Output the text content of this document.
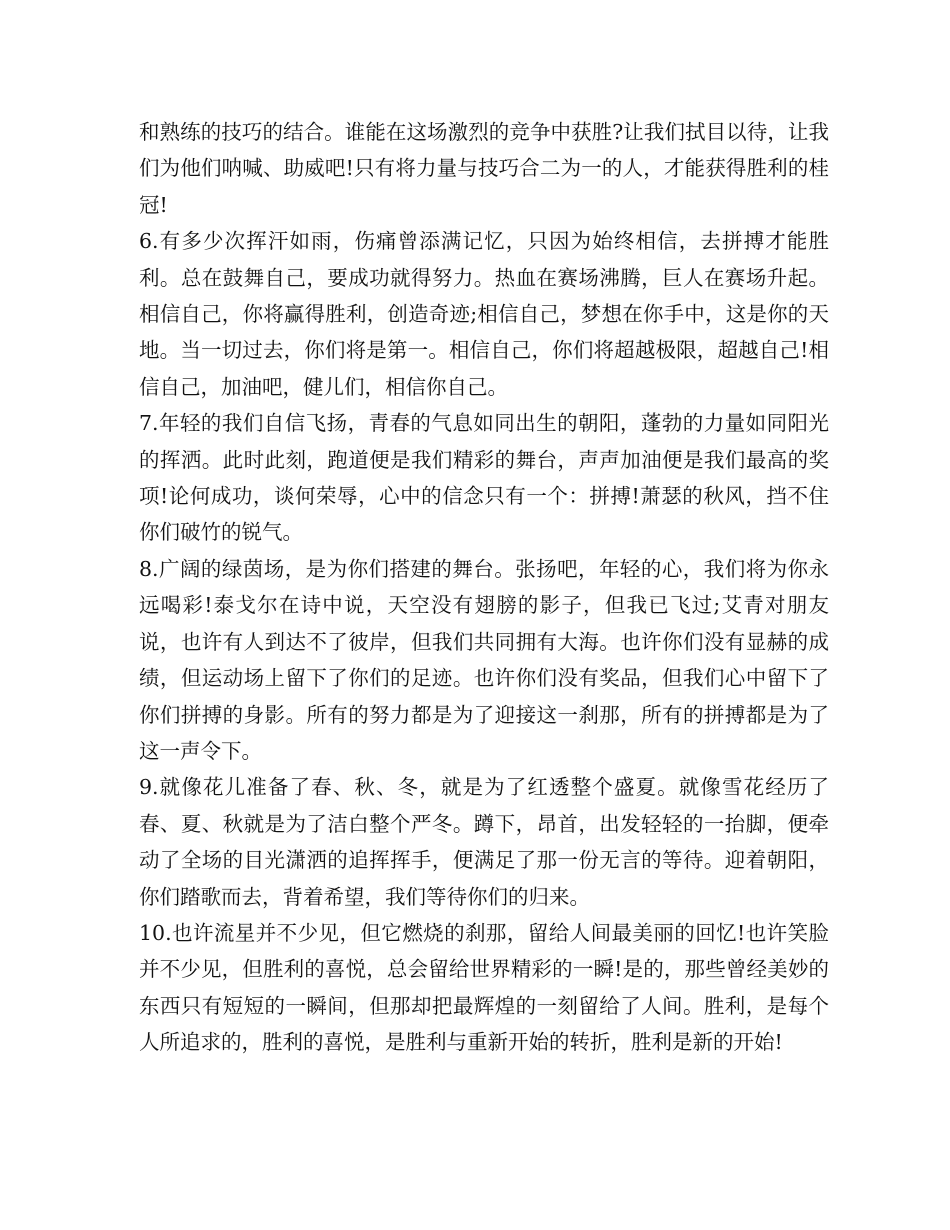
和熟练的技巧的结合。谁能在这场激烈的竞争中获胜?让我们拭目以待，让我们为他们呐喊、助威吧!只有将力量与技巧合二为一的人，才能获得胜利的桂冠!

6.有多少次挥汗如雨，伤痛曾添满记忆，只因为始终相信，去拼搏才能胜利。总在鼓舞自己，要成功就得努力。热血在赛场沸腾，巨人在赛场升起。相信自己，你将赢得胜利，创造奇迹;相信自己，梦想在你手中，这是你的天地。当一切过去，你们将是第一。相信自己，你们将超越极限，超越自己!相信自己，加油吧，健儿们，相信你自己。

7.年轻的我们自信飞扬，青春的气息如同出生的朝阳，蓬勃的力量如同阳光的挥洒。此时此刻，跑道便是我们精彩的舞台，声声加油便是我们最高的奖项!论何成功，谈何荣辱，心中的信念只有一个：拼搏!萧瑟的秋风，挡不住你们破竹的锐气。

8.广阔的绿茵场，是为你们搭建的舞台。张扬吧，年轻的心，我们将为你永远喝彩!泰戈尔在诗中说，天空没有翅膀的影子，但我已飞过;艾青对朋友说，也许有人到达不了彼岸，但我们共同拥有大海。也许你们没有显赫的成绩，但运动场上留下了你们的足迹。也许你们没有奖品，但我们心中留下了你们拼搏的身影。所有的努力都是为了迎接这一刹那，所有的拼搏都是为了这一声令下。

9.就像花儿准备了春、秋、冬，就是为了红透整个盛夏。就像雪花经历了春、夏、秋就是为了洁白整个严冬。蹲下，昂首，出发轻轻的一抬脚，便牵动了全场的目光潇洒的追挥挥手，便满足了那一份无言的等待。迎着朝阳，你们踏歌而去，背着希望，我们等待你们的归来。

10.也许流星并不少见，但它燃烧的刹那，留给人间最美丽的回忆!也许笑脸并不少见，但胜利的喜悦，总会留给世界精彩的一瞬!是的，那些曾经美妙的东西只有短短的一瞬间，但那却把最辉煌的一刻留给了人间。胜利，是每个人所追求的，胜利的喜悦，是胜利与重新开始的转折，胜利是新的开始!
